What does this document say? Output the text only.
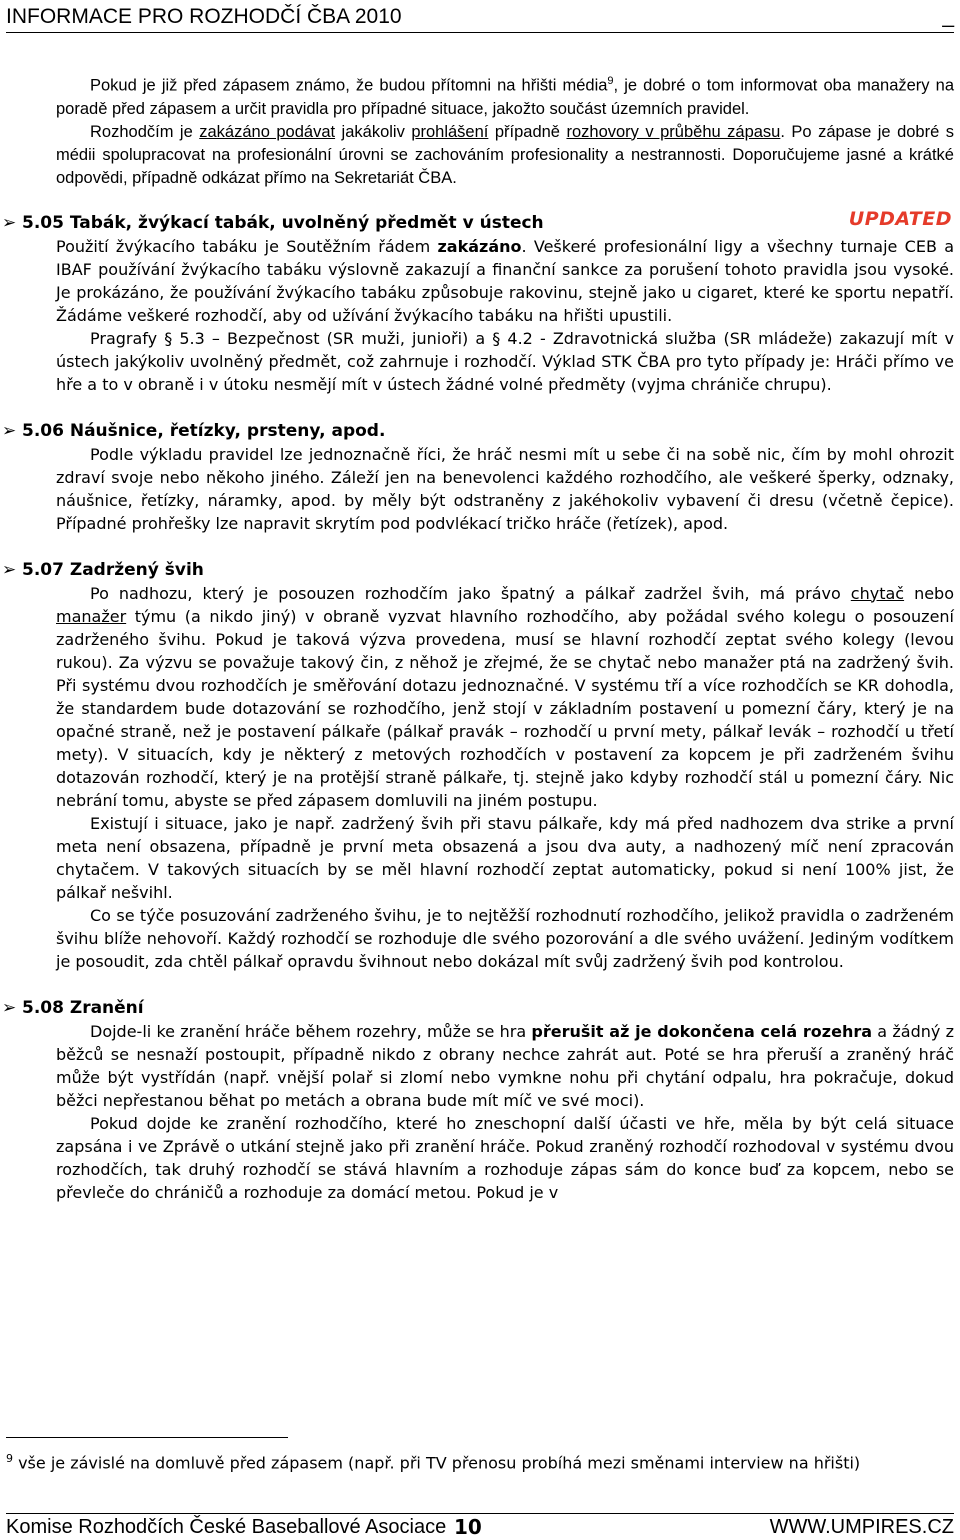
INFORMACE PRO ROZHODČÍ ČBA 2010	_

Pokud je již před zápasem známo, že budou přítomni na hřišti média$^9$, je dobré o tom informovat oba manažery na poradě před zápasem a určit pravidla pro případné situace, jakožto součást územních pravidel.

Rozhodčím je zakázáno podávat jakákoliv prohlášení případně rozhovory v průběhu zápasu. Po zápase je dobré s médii spolupracovat na profesionální úrovni se zachováním profesionality a nestrannosti. Doporučujeme jasné a krátké odpovědi, případně odkázat přímo na Sekretariát ČBA.

➢ 5.05 Tabák, žvýkací tabák, uvolněný předmět v ústech	UPDATED

Použití žvýkacího tabáku je Soutěžním řádem zakázáno. Veškeré profesionální ligy a všechny turnaje CEB a IBAF používání žvýkacího tabáku výslovně zakazují a finanční sankce za porušení tohoto pravidla jsou vysoké. Je prokázáno, že používání žvýkacího tabáku způsobuje rakovinu, stejně jako u cigaret, které ke sportu nepatří. Žádáme veškeré rozhodčí, aby od užívání žvýkacího tabáku na hřišti upustili.

Pragrafy § 5.3 – Bezpečnost (SR muži, junioři) a § 4.2 - Zdravotnická služba (SR mládeže) zakazují mít v ústech jakýkoliv uvolněný předmět, což zahrnuje i rozhodčí. Výklad STK ČBA pro tyto případy je: Hráči přímo ve hře a to v obraně i v útoku nesmějí mít v ústech žádné volné předměty (vyjma chrániče chrupu).

➢ 5.06 Náušnice, řetízky, prsteny, apod.

Podle výkladu pravidel lze jednoznačně říci, že hráč nesmi mít u sebe či na sobě nic, čím by mohl ohrozit zdraví svoje nebo někoho jiného. Záleží jen na benevolenci každého rozhodčího, ale veškeré šperky, odznaky, náušnice, řetízky, náramky, apod. by měly být odstraněny z jakéhokoliv vybavení či dresu (včetně čepice). Případné prohřešky lze napravit skrytím pod podvlékací tričko hráče (řetízek), apod.

➢ 5.07 Zadržený švih

Po nadhozu, který je posouzen rozhodčím jako špatný a pálkař zadržel švih, má právo chytač nebo manažer týmu (a nikdo jiný) v obraně vyzvat hlavního rozhodčího, aby požádal svého kolegu o posouzení zadrženého švihu. Pokud je taková výzva provedena, musí se hlavní rozhodčí zeptat svého kolegy (levou rukou). Za výzvu se považuje takový čin, z něhož je zřejmé, že se chytač nebo manažer ptá na zadržený švih. Při systému dvou rozhodčích je směřování dotazu jednoznačné. V systému tří a více rozhodčích se KR dohodla, že standardem bude dotazování se rozhodčího, jenž stojí v základním postavení u pomezní čáry, který je na opačné straně, než je postavení pálkaře (pálkař pravák – rozhodčí u první mety, pálkař levák – rozhodčí u třetí mety). V situacích, kdy je některý z metových rozhodčích v postavení za kopcem je při zadrženém švihu dotazován rozhodčí, který je na protější straně pálkaře, tj. stejně jako kdyby rozhodčí stál u pomezní čáry. Nic nebrání tomu, abyste se před zápasem domluvili na jiném postupu.

Existují i situace, jako je např. zadržený švih při stavu pálkaře, kdy má před nadhozem dva strike a první meta není obsazena, případně je první meta obsazená a jsou dva auty, a nadhozený míč není zpracován chytačem. V takových situacích by se měl hlavní rozhodčí zeptat automaticky, pokud si není 100% jist, že pálkař nešvihl.

Co se týče posuzování zadrženého švihu, je to nejtěžší rozhodnutí rozhodčího, jelikož pravidla o zadrženém švihu blíže nehovoří. Každý rozhodčí se rozhoduje dle svého pozorování a dle svého uvážení. Jediným vodítkem je posoudit, zda chtěl pálkař opravdu švihnout nebo dokázal mít svůj zadržený švih pod kontrolou.

➢ 5.08 Zranění

Dojde-li ke zranění hráče během rozehry, může se hra přerušit až je dokončena celá rozehra a žádný z běžců se nesnaží postoupit, případně nikdo z obrany nechce zahrát aut. Poté se hra přeruší a zraněný hráč může být vystřídán (např. vnější polař si zlomí nebo vymkne nohu při chytání odpalu, hra pokračuje, dokud běžci nepřestanou běhat po metách a obrana bude mít míč ve své moci).

Pokud dojde ke zranění rozhodčího, které ho zneschopní další účasti ve hře, měla by být celá situace zapsána i ve Zprávě o utkání stejně jako při zranění hráče. Pokud zraněný rozhodčí rozhodoval v systému dvou rozhodčích, tak druhý rozhodčí se stává hlavním a rozhoduje zápas sám do konce buď za kopcem, nebo se převleče do chráničů a rozhoduje za domácí metou. Pokud je v

$^9$ vše je závislé na domluvě před zápasem (např. při TV přenosu probíhá mezi směnami interview na hřišti)
Komise Rozhodčích České Baseballové Asociace 10	WWW.UMPIRES.CZ
